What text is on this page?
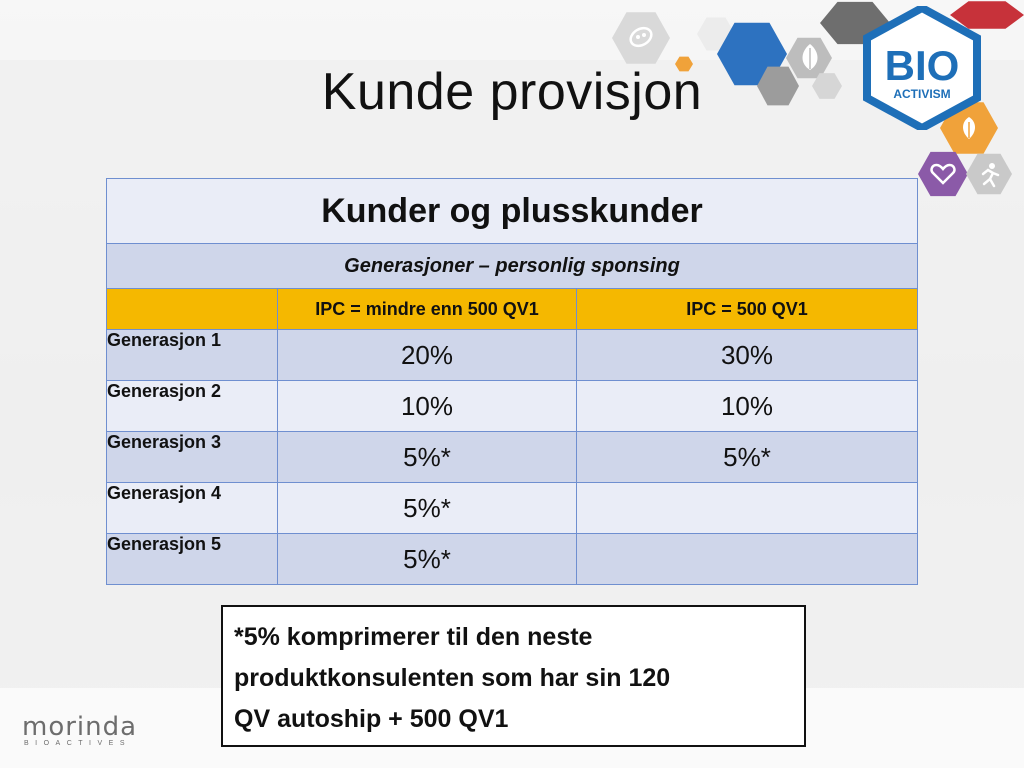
BIO
ACTIVISM
Kunde provisjon
Kunder og plusskunder		
Generasjoner – personlig sponsing		
	IPC = mindre enn 500 QV1	IPC = 500 QV1
Generasjon 1	20%	30%
Generasjon 2	10%	10%
Generasjon 3	5%*	5%*
Generasjon 4	5%*	
Generasjon 5	5%*	
*5% komprimerer til den neste
produktkonsulenten som har sin 120
QV autoship + 500 QV1
morinda
BIOACTIVES
